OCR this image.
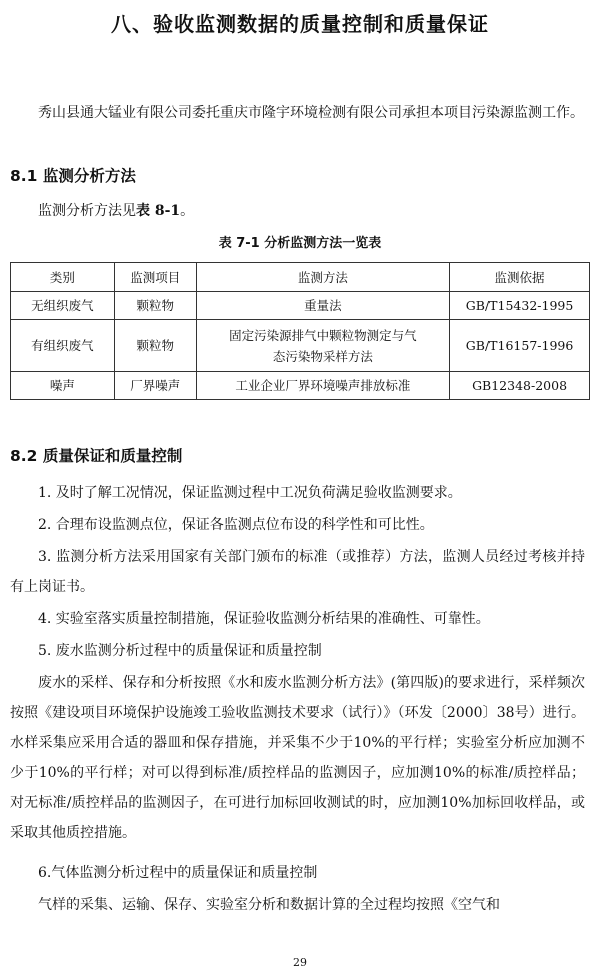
八、验收监测数据的质量控制和质量保证
秀山县通大锰业有限公司委托重庆市隆宇环境检测有限公司承担本项目污染源监测工作。
8.1 监测分析方法
监测分析方法见表 8-1。
表 7-1 分析监测方法一览表
类别	监测项目	监测方法	监测依据
无组织废气	颗粒物	重量法	GB/T15432-1995
有组织废气	颗粒物	固定污染源排气中颗粒物测定与气态污染物采样方法	GB/T16157-1996
噪声	厂界噪声	工业企业厂界环境噪声排放标准	GB12348-2008
8.2 质量保证和质量控制
1. 及时了解工况情况，保证监测过程中工况负荷满足验收监测要求。
2. 合理布设监测点位，保证各监测点位布设的科学性和可比性。
3. 监测分析方法采用国家有关部门颁布的标准（或推荐）方法，监测人员经过考核并持有上岗证书。
4. 实验室落实质量控制措施，保证验收监测分析结果的准确性、可靠性。
5. 废水监测分析过程中的质量保证和质量控制
废水的采样、保存和分析按照《水和废水监测分析方法》(第四版)的要求进行，采样频次按照《建设项目环境保护设施竣工验收监测技术要求（试行）》（环发〔2000〕38号）进行。水样采集应采用合适的器皿和保存措施，并采集不少于10%的平行样；实验室分析应加测不少于10%的平行样；对可以得到标准/质控样品的监测因子，应加测10%的标准/质控样品；对无标准/质控样品的监测因子，在可进行加标回收测试的时，应加测10%加标回收样品，或采取其他质控措施。
6.气体监测分析过程中的质量保证和质量控制
气样的采集、运输、保存、实验室分析和数据计算的全过程均按照《空气和
29
